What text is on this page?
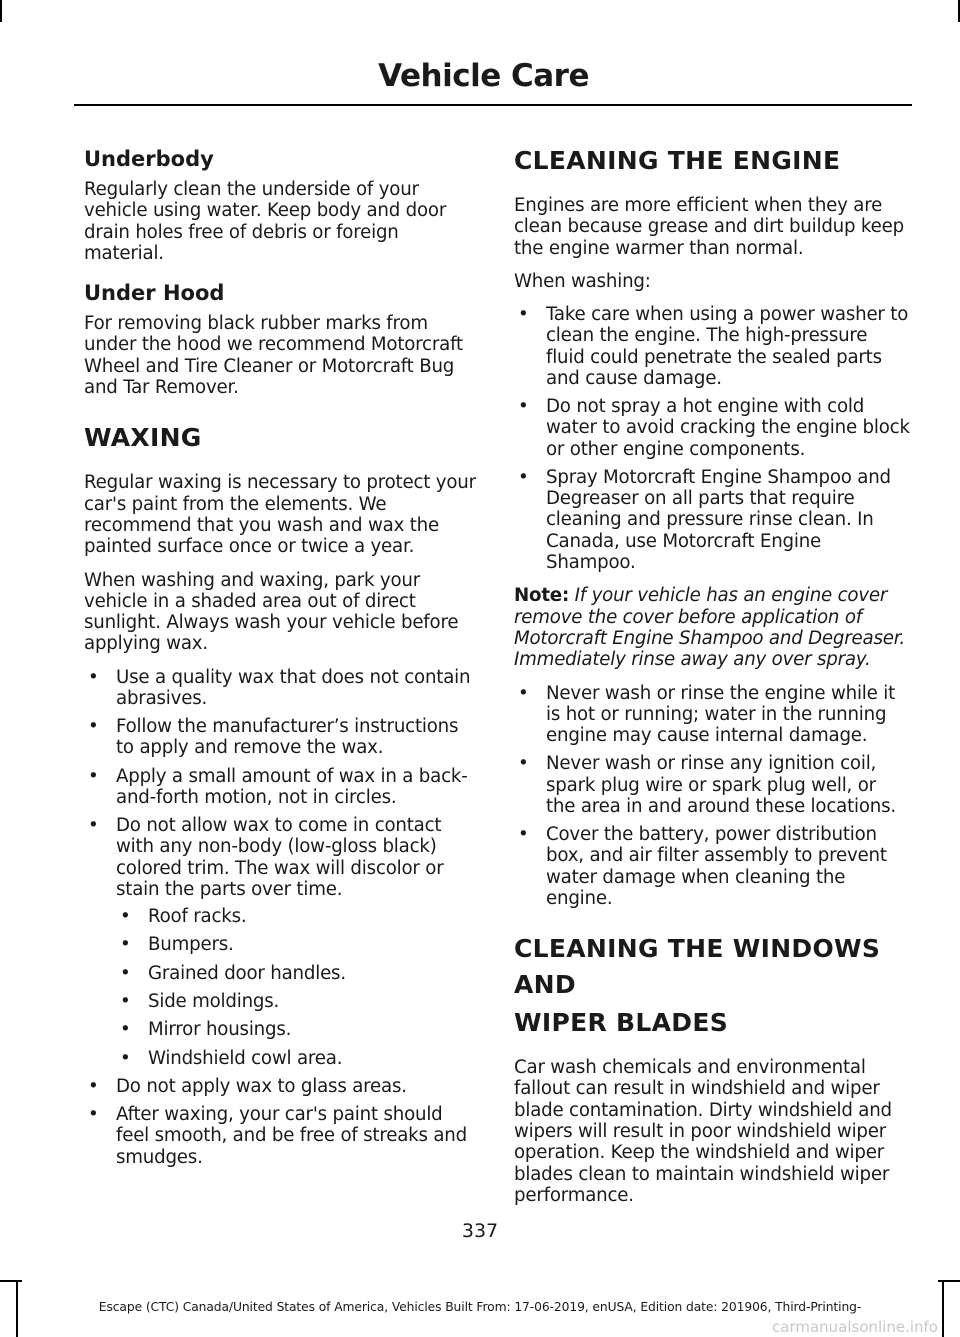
Vehicle Care
Underbody

Regularly clean the underside of your vehicle using water. Keep body and door drain holes free of debris or foreign material.

Under Hood

For removing black rubber marks from under the hood we recommend Motorcraft Wheel and Tire Cleaner or Motorcraft Bug and Tar Remover.

WAXING

Regular waxing is necessary to protect your car's paint from the elements. We recommend that you wash and wax the painted surface once or twice a year.

When washing and waxing, park your vehicle in a shaded area out of direct sunlight. Always wash your vehicle before applying wax.

• Use a quality wax that does not contain abrasives.
• Follow the manufacturer’s instructions to apply and remove the wax.
• Apply a small amount of wax in a back-and-forth motion, not in circles.
• Do not allow wax to come in contact with any non-body (low-gloss black) colored trim. The wax will discolor or stain the parts over time.
• Roof racks.
• Bumpers.
• Grained door handles.
• Side moldings.
• Mirror housings.
• Windshield cowl area.
• Do not apply wax to glass areas.
• After waxing, your car's paint should feel smooth, and be free of streaks and smudges.
CLEANING THE ENGINE

Engines are more efficient when they are clean because grease and dirt buildup keep the engine warmer than normal.

When washing:

• Take care when using a power washer to clean the engine. The high-pressure fluid could penetrate the sealed parts and cause damage.
• Do not spray a hot engine with cold water to avoid cracking the engine block or other engine components.
• Spray Motorcraft Engine Shampoo and Degreaser on all parts that require cleaning and pressure rinse clean. In Canada, use Motorcraft Engine Shampoo.

Note: If your vehicle has an engine cover remove the cover before application of Motorcraft Engine Shampoo and Degreaser. Immediately rinse away any over spray.

• Never wash or rinse the engine while it is hot or running; water in the running engine may cause internal damage.
• Never wash or rinse any ignition coil, spark plug wire or spark plug well, or the area in and around these locations.
• Cover the battery, power distribution box, and air filter assembly to prevent water damage when cleaning the engine.
CLEANING THE WINDOWS AND
WIPER BLADES

Car wash chemicals and environmental fallout can result in windshield and wiper blade contamination. Dirty windshield and wipers will result in poor windshield wiper operation. Keep the windshield and wiper blades clean to maintain windshield wiper performance.

337
Escape (CTC) Canada/United States of America, Vehicles Built From: 17-06-2019, enUSA, Edition date: 201906, Third-Printing-
carmanualsonline.info
